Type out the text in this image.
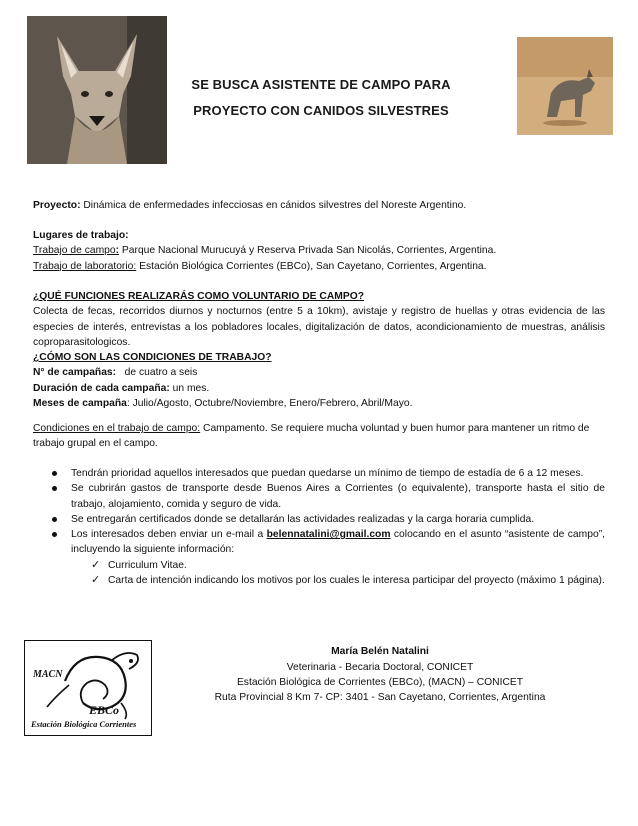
SE BUSCA ASISTENTE DE CAMPO PARA
PROYECTO CON CANIDOS SILVESTRES
Proyecto: Dinámica de enfermedades infecciosas en cánidos silvestres del Noreste Argentino.
Lugares de trabajo:
Trabajo de campo: Parque Nacional Murucuyá y Reserva Privada San Nicolás, Corrientes, Argentina.
Trabajo de laboratorio: Estación Biológica Corrientes (EBCo), San Cayetano, Corrientes, Argentina.
¿QUÉ FUNCIONES REALIZARÁS COMO VOLUNTARIO DE CAMPO?
Colecta de fecas, recorridos diurnos y nocturnos (entre 5 a 10km), avistaje y registro de huellas y otras evidencia de las especies de interés, entrevistas a los pobladores locales, digitalización de datos, acondicionamiento de muestras, análisis coproparasitologicos.
¿CÓMO SON LAS CONDICIONES DE TRABAJO?
N° de campañas:   de cuatro a seis
Duración de cada campaña: un mes.
Meses de campaña: Julio/Agosto, Octubre/Noviembre, Enero/Febrero, Abril/Mayo.
Condiciones en el trabajo de campo: Campamento. Se requiere mucha voluntad y buen humor para mantener un ritmo de trabajo grupal en el campo.
Tendrán prioridad aquellos interesados que puedan quedarse un mínimo de tiempo de estadía de 6 a 12 meses.
Se cubrirán gastos de transporte desde Buenos Aires a Corrientes (o equivalente), transporte hasta el sitio de trabajo, alojamiento, comida y seguro de vida.
Se entregarán certificados donde se detallarán las actividades realizadas y la carga horaria cumplida.
Los interesados deben enviar un e-mail a belennatalini@gmail.com colocando en el asunto “asistente de campo”, incluyendo la siguiente información:
✓ Curriculum Vitae.
✓ Carta de intención indicando los motivos por los cuales le interesa participar del proyecto (máximo 1 página).
MACN
EBCo
Estación Biológica Corrientes
María Belén Natalini
Veterinaria - Becaria Doctoral, CONICET
Estación Biológica de Corrientes (EBCo), (MACN) – CONICET
Ruta Provincial 8 Km 7- CP: 3401 - San Cayetano, Corrientes, Argentina
